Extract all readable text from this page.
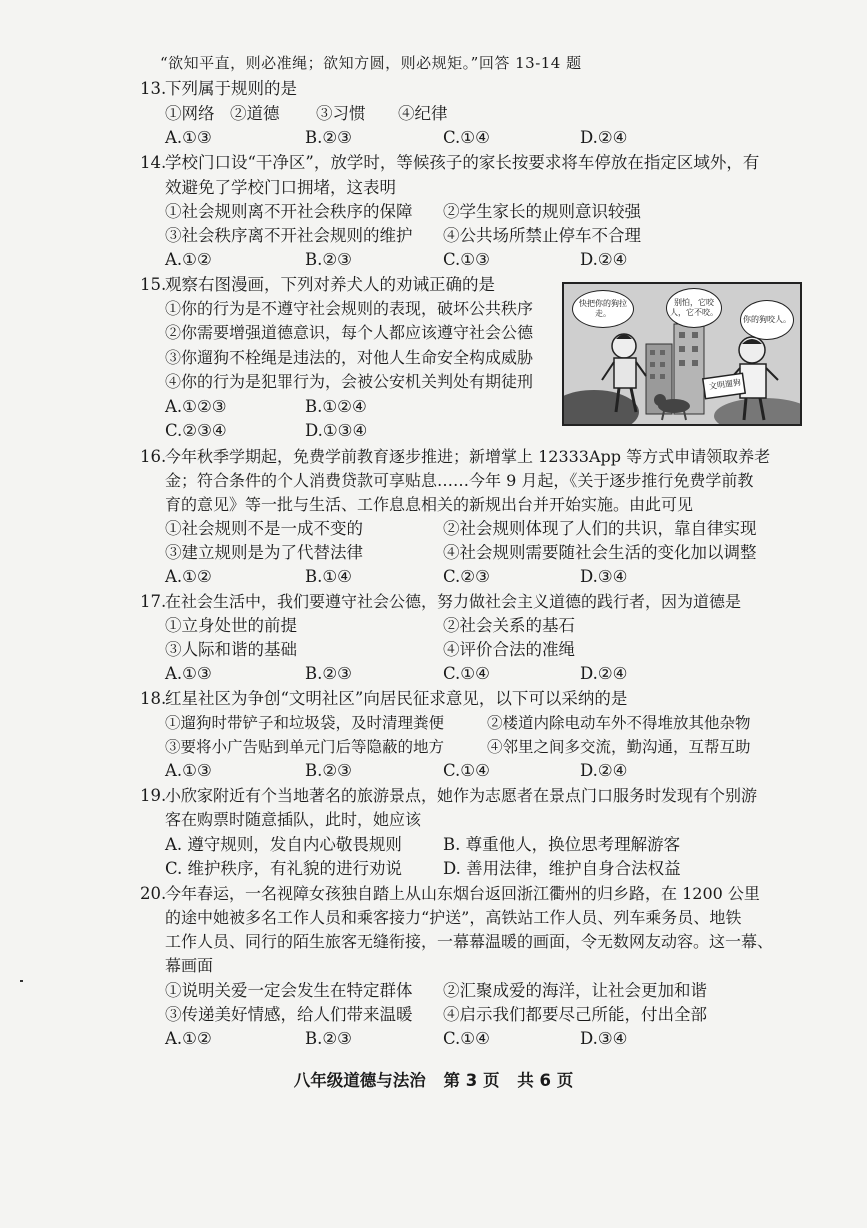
“欲知平直，则必准绳；欲知方圆，则必规矩。”回答 13-14 题
13.
下列属于规则的是
①网络 ②道德 ③习惯 ④纪律
A.①③	B.②③	C.①④	D.②④
14.
学校门口设“干净区”，放学时，等候孩子的家长按要求将车停放在指定区域外，有
效避免了学校门口拥堵，这表明
①社会规则离不开社会秩序的保障 ②学生家长的规则意识较强
③社会秩序离不开社会规则的维护 ④公共场所禁止停车不合理
A.①②	B.②③	C.①③	D.②④
15.
观察右图漫画，下列对养犬人的劝诫正确的是
①你的行为是不遵守社会规则的表现，破坏公共秩序
②你需要增强道德意识，每个人都应该遵守社会公德
③你遛狗不栓绳是违法的，对他人生命安全构成威胁
④你的行为是犯罪行为，会被公安机关判处有期徒刑
A.①②③	B.①②④
C.②③④	D.①③④
快把你的狗拉走。
别怕，它咬人，它不咬。
你的狗咬人。
文明遛狗
16.
今年秋季学期起，免费学前教育逐步推进；新增掌上 12333App 等方式申请领取养老
金；符合条件的个人消费贷款可享贴息……今年 9 月起，《关于逐步推行免费学前教
育的意见》等一批与生活、工作息息相关的新规出台并开始实施。由此可见
①社会规则不是一成不变的	②社会规则体现了人们的共识，靠自律实现
③建立规则是为了代替法律	④社会规则需要随社会生活的变化加以调整
A.①②	B.①④	C.②③	D.③④
17.
在社会生活中，我们要遵守社会公德，努力做社会主义道德的践行者，因为道德是
①立身处世的前提	②社会关系的基石
③人际和谐的基础	④评价合法的准绳
A.①③	B.②③	C.①④	D.②④
18.
红星社区为争创“文明社区”向居民征求意见，以下可以采纳的是
①遛狗时带铲子和垃圾袋，及时清理粪便	②楼道内除电动车外不得堆放其他杂物
③要将小广告贴到单元门后等隐蔽的地方	④邻里之间多交流，勤沟通，互帮互助
A.①③	B.②③	C.①④	D.②④
19.
小欣家附近有个当地著名的旅游景点，她作为志愿者在景点门口服务时发现有个别游
客在购票时随意插队，此时，她应该
A. 遵守规则，发自内心敬畏规则 B. 尊重他人，换位思考理解游客
C. 维护秩序，有礼貌的进行劝说 D. 善用法律，维护自身合法权益
20.
今年春运，一名视障女孩独自踏上从山东烟台返回浙江衢州的归乡路，在 1200 公里
的途中她被多名工作人员和乘客接力“护送”，高铁站工作人员、列车乘务员、地铁
工作人员、同行的陌生旅客无缝衔接，一幕幕温暖的画面，令无数网友动容。这一幕、
幕画面
①说明关爱一定会发生在特定群体 ②汇聚成爱的海洋，让社会更加和谐
③传递美好情感，给人们带来温暖 ④启示我们都要尽己所能，付出全部
A.①②	B.②③	C.①④	D.③④
八年级道德与法治 第 3 页 共 6 页
